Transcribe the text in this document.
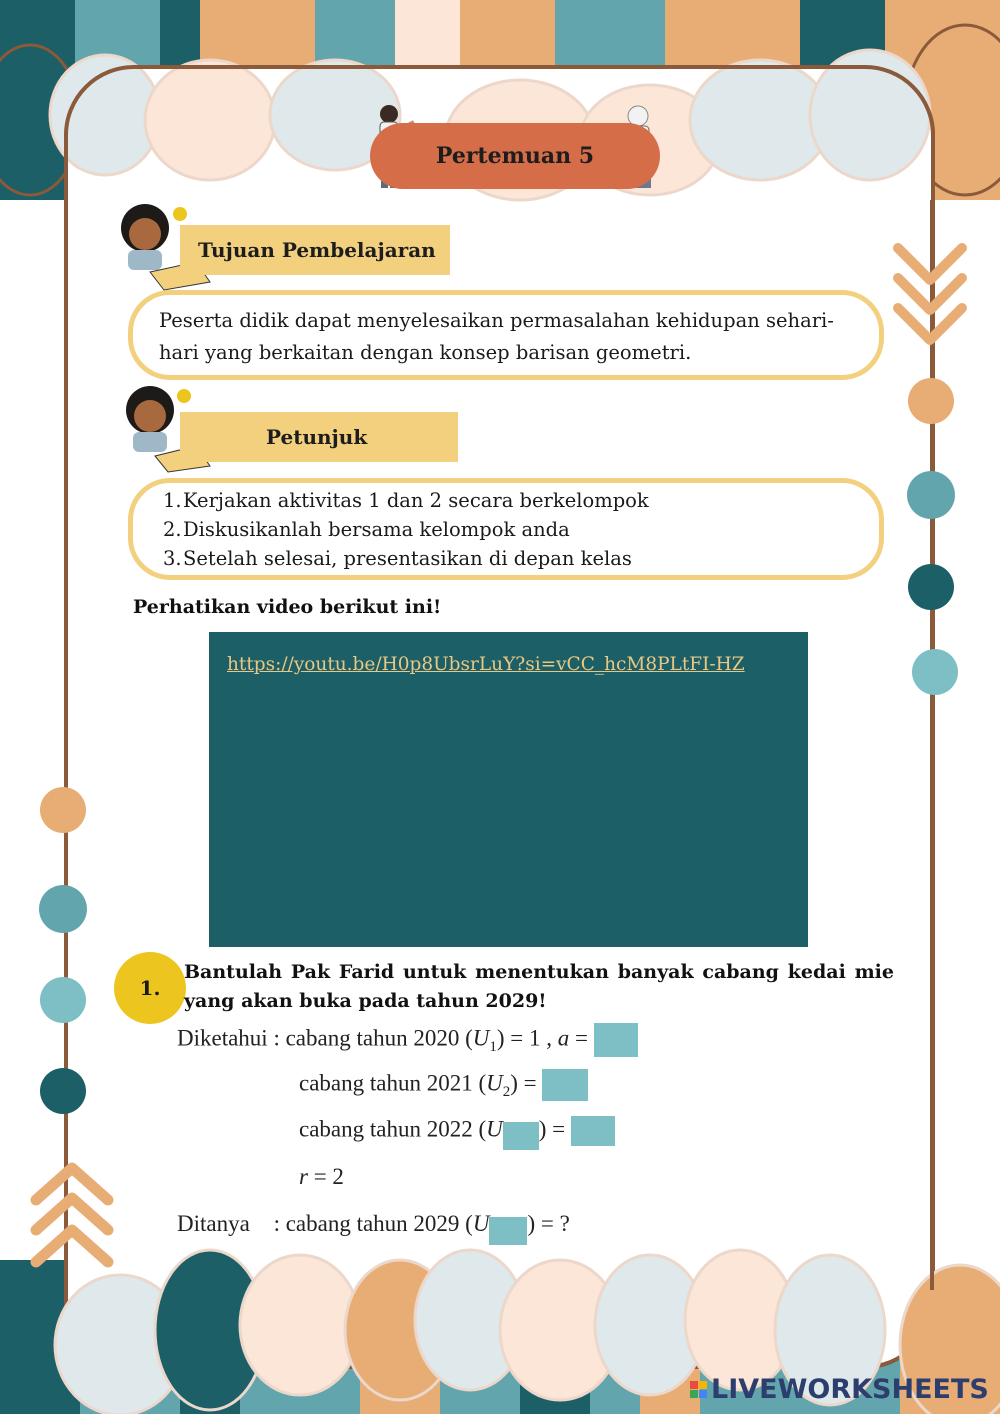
Pertemuan 5
Tujuan Pembelajaran
Peserta didik dapat menyelesaikan permasalahan kehidupan sehari-
hari yang berkaitan dengan konsep barisan geometri.
Petunjuk
1. Kerjakan aktivitas 1 dan 2 secara berkelompok
2. Diskusikanlah bersama kelompok anda
3. Setelah selesai, presentasikan di depan kelas
Perhatikan video berikut ini!
https://youtu.be/H0p8UbsrLuY?si=vCC_hcM8PLtFI-HZ
1.
Bantulah Pak Farid untuk menentukan banyak cabang kedai mie yang akan buka pada tahun 2029!
Diketahui : cabang tahun 2020 $(U_1) = 1$ , a =
cabang tahun 2021 $(U_2)$ =
cabang tahun 2022 (U ) =
r = 2
Ditanya : cabang tahun 2029 (U ) = ?
LIVEWORKSHEETS
